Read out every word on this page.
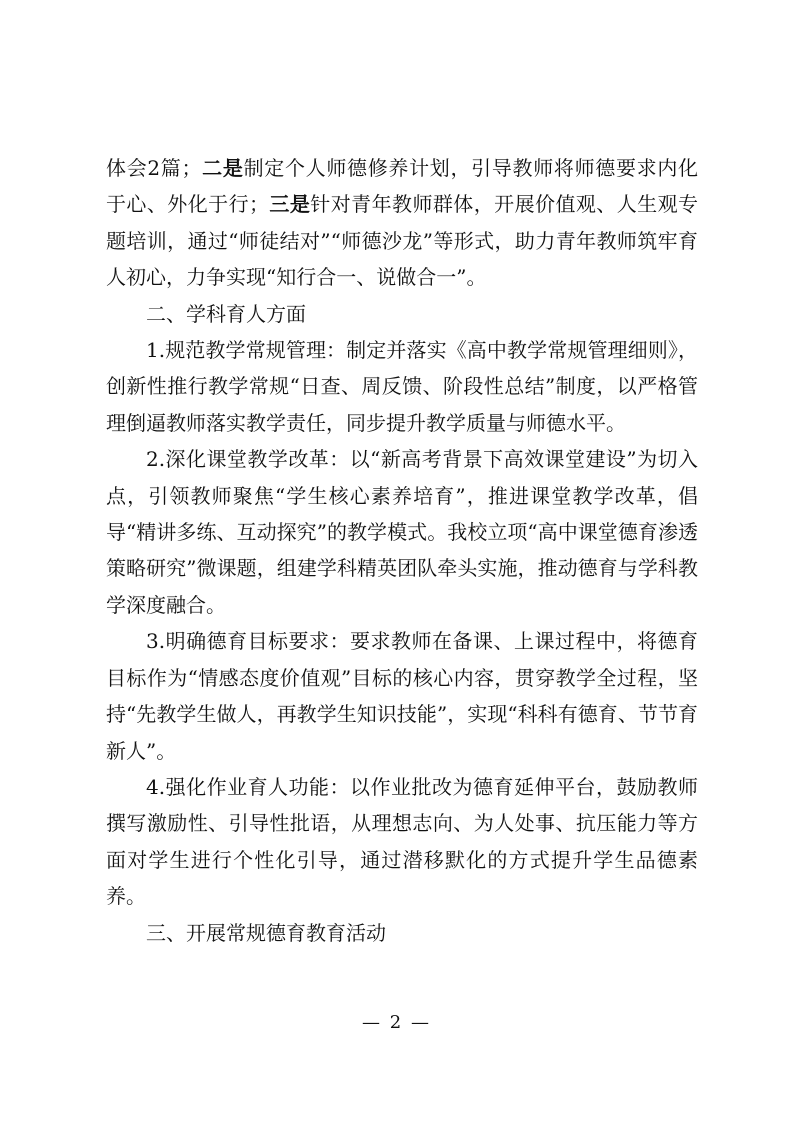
体会2篇；二是制定个人师德修养计划，引导教师将师德要求内化于心、外化于行；三是针对青年教师群体，开展价值观、人生观专题培训，通过“师徒结对”“师德沙龙”等形式，助力青年教师筑牢育人初心，力争实现“知行合一、说做合一”。

二、学科育人方面

1.规范教学常规管理：制定并落实《高中教学常规管理细则》，创新性推行教学常规“日查、周反馈、阶段性总结”制度，以严格管理倒逼教师落实教学责任，同步提升教学质量与师德水平。

2.深化课堂教学改革：以“新高考背景下高效课堂建设”为切入点，引领教师聚焦“学生核心素养培育”，推进课堂教学改革，倡导“精讲多练、互动探究”的教学模式。我校立项“高中课堂德育渗透策略研究”微课题，组建学科精英团队牵头实施，推动德育与学科教学深度融合。

3.明确德育目标要求：要求教师在备课、上课过程中，将德育目标作为“情感态度价值观”目标的核心内容，贯穿教学全过程，坚持“先教学生做人，再教学生知识技能”，实现“科科有德育、节节育新人”。

4.强化作业育人功能：以作业批改为德育延伸平台，鼓励教师撰写激励性、引导性批语，从理想志向、为人处事、抗压能力等方面对学生进行个性化引导，通过潜移默化的方式提升学生品德素养。

三、开展常规德育教育活动

— 2 —
